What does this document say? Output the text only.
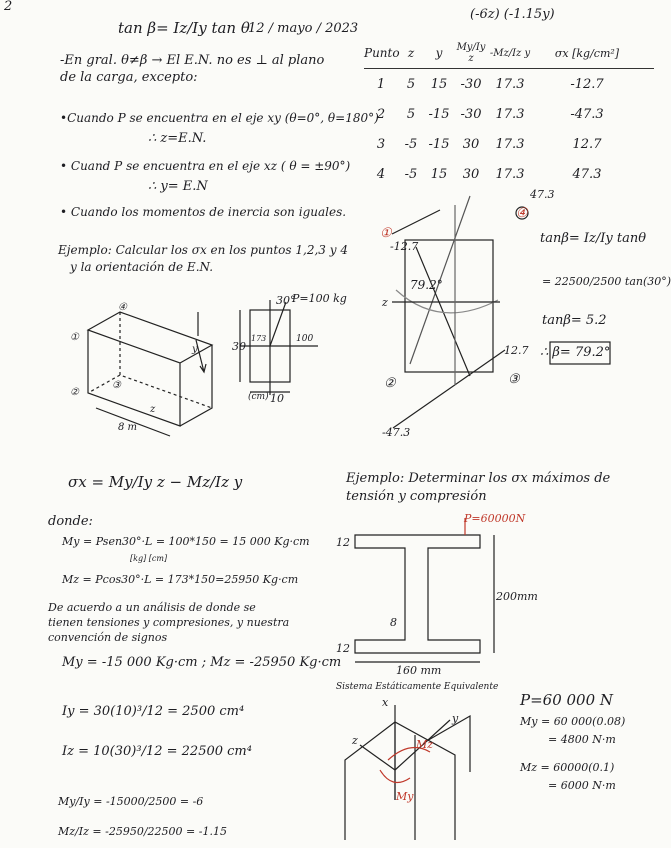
2
tan β= Iz/Iy tan θ
12 / mayo / 2023
(-6z) (-1.15y)
-En gral. θ≠β → El E.N. no es ⊥ al plano
de la carga, excepto:
•Cuando P se encuentra en el eje xy (θ=0°, θ=180°)
∴ z=E.N.
• Cuand P se encuentra en el eje xz ( θ = ±90°)
∴ y= E.N
• Cuando los momentos de inercia son iguales.
Ejemplo: Calcular los σx en los puntos 1,2,3 y 4
y la orientación de E.N.
Punto z	y	My/Iy z	-Mz/Iz y	σx [kg/cm²]
1	5	15	-30	17.3	-12.7
2	5	-15 -30	17.3	-47.3
3	-5 -15	30	17.3	12.7
4	-5	15	30	17.3	47.3
y
z
8 m
①
②
③
④
30°
P=100 kg
30
173	100
(cm) 10
-12.7
79.2°
z
12.7
-47.3
47.3
①
②	③
④
tanβ= Iz/Iy tanθ
= 22500/2500 tan(30°)
tanβ= 5.2
∴ β= 79.2°
σx = My/Iy z − Mz/Iz y
donde:
My = Psen30°·L = 100*150 = 15 000 Kg·cm
[kg] [cm]
Mz = Pcos30°·L = 173*150=25950 Kg·cm
De acuerdo a un análisis de donde se
tienen tensiones y compresiones, y nuestra
convención de signos
My = -15 000 Kg·cm ; Mz = -25950 Kg·cm
Iy = 30(10)³/12 = 2500 cm⁴
Iz = 10(30)³/12 = 22500 cm⁴
My/Iy = -15000/2500 = -6
Mz/Iz = -25950/22500 = -1.15
Ejemplo: Determinar los σx máximos de
tensión y compresión
P=60000N
12
200mm
8
12
160 mm
Sistema Estáticamente Equivalente
P=60 000 N
My = 60 000(0.08)
= 4800 N·m
Mz = 60000(0.1)
= 6000 N·m
x
z
y
Mz
My
